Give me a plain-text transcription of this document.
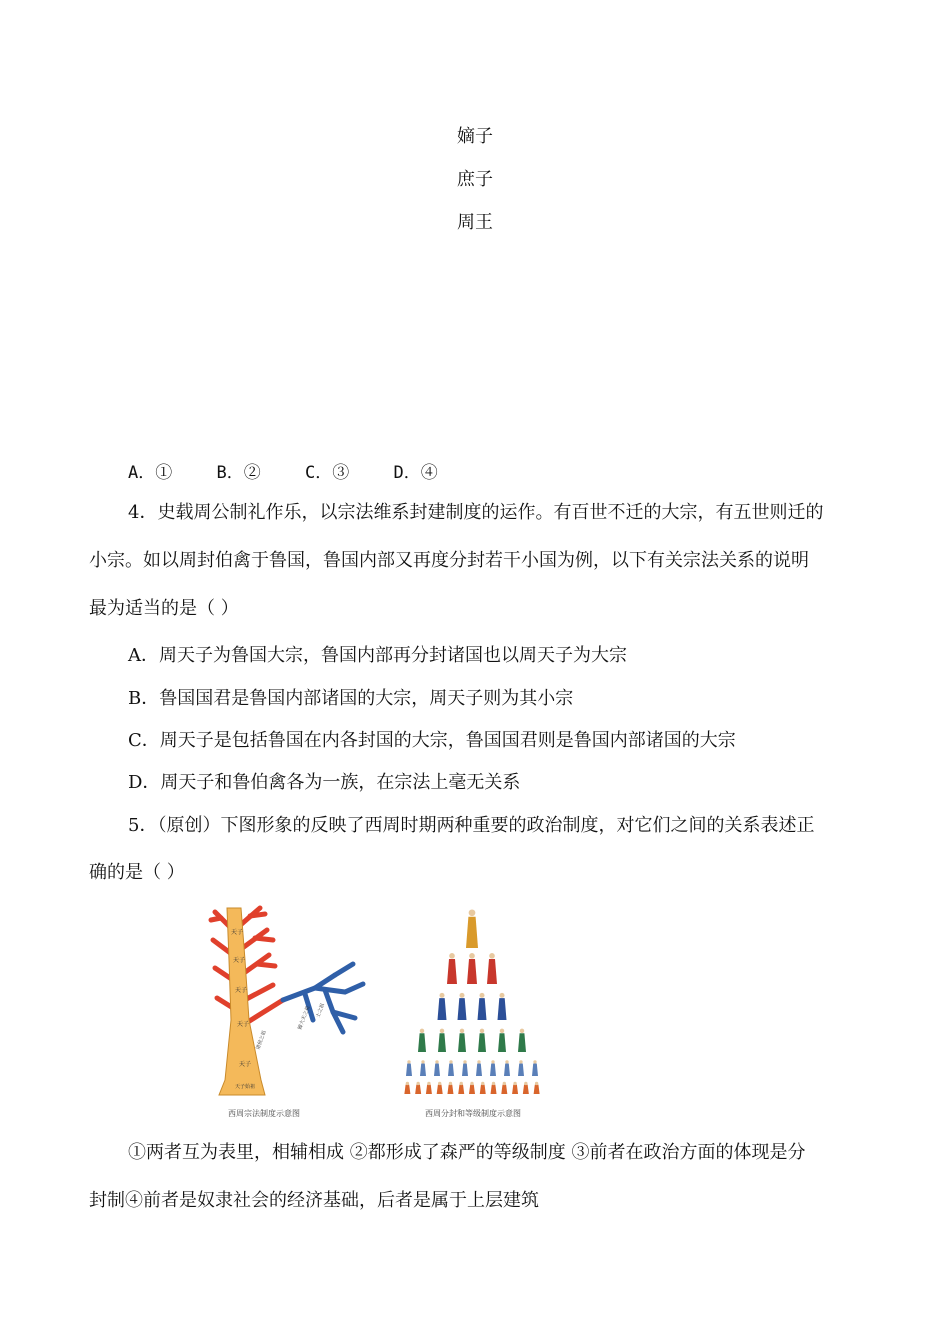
嫡子
庶子
周王
A．①	B．②	C．③	D．④
4．史载周公制礼作乐，以宗法维系封建制度的运作。有百世不迁的大宗，有五世则迁的
小宗。如以周封伯禽于鲁国，鲁国内部又再度分封若干小国为例，以下有关宗法关系的说明
最为适当的是（ ）
A．周天子为鲁国大宗，鲁国内部再分封诸国也以周天子为大宗
B．鲁国国君是鲁国内部诸国的大宗，周天子则为其小宗
C．周天子是包括鲁国在内各封国的大宗，鲁国国君则是鲁国内部诸国的大宗
D．周天子和鲁伯禽各为一族，在宗法上毫无关系
5．（原创）下图形象的反映了西周时期两种重要的政治制度，对它们之间的关系表述正
确的是（ ）
天子
天子
天子
天子
天子
天子始祖
诸侯之祖
卿大夫之祖 士之祖
西周宗法制度示意图	西周分封和等级制度示意图
①两者互为表里，相辅相成 ②都形成了森严的等级制度 ③前者在政治方面的体现是分
封制④前者是奴隶社会的经济基础，后者是属于上层建筑
